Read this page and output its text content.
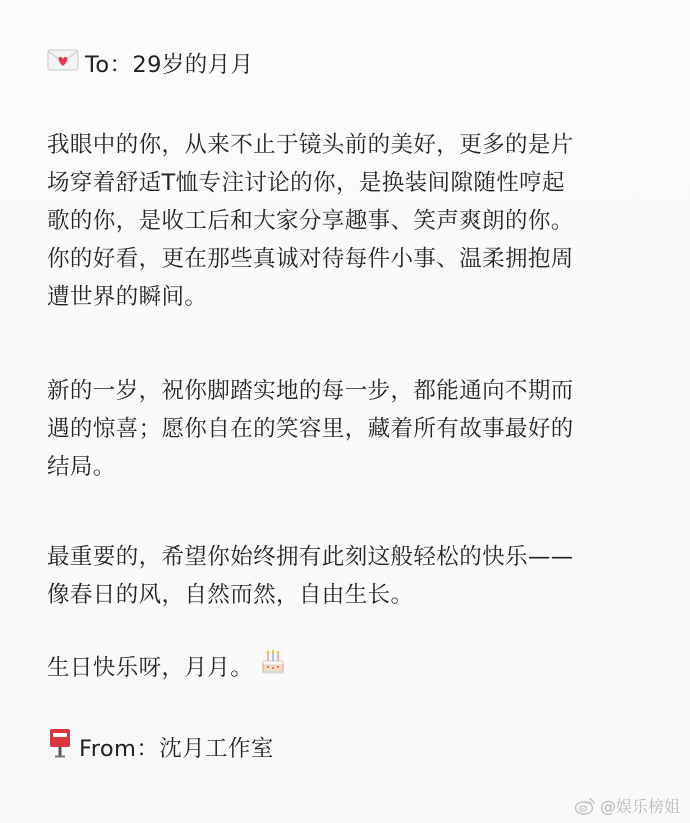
To：29岁的月月

我眼中的你，从来不止于镜头前的美好，更多的是片
场穿着舒适T恤专注讨论的你，是换装间隙随性哼起
歌的你，是收工后和大家分享趣事、笑声爽朗的你。
你的好看，更在那些真诚对待每件小事、温柔拥抱周
遭世界的瞬间。
新的一岁，祝你脚踏实地的每一步，都能通向不期而
遇的惊喜；愿你自在的笑容里，藏着所有故事最好的
结局。
最重要的，希望你始终拥有此刻这般轻松的快乐——
像春日的风，自然而然，自由生长。

生日快乐呀，月月。

From：沈月工作室

@娱乐榜姐
